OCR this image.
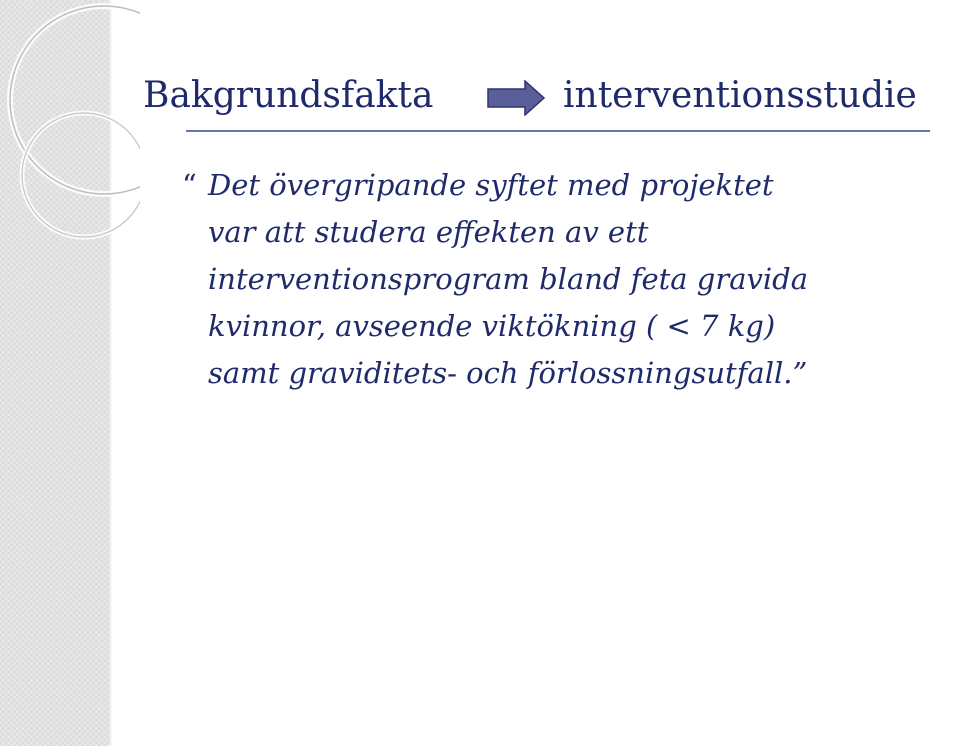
Bakgrundsfakta	interventionsstudie
“ Det övergripande syftet med projektet
var att studera effekten av ett
interventionsprogram bland feta gravida
kvinnor, avseende viktökning ( < 7 kg)
samt graviditets- och förlossningsutfall.”
